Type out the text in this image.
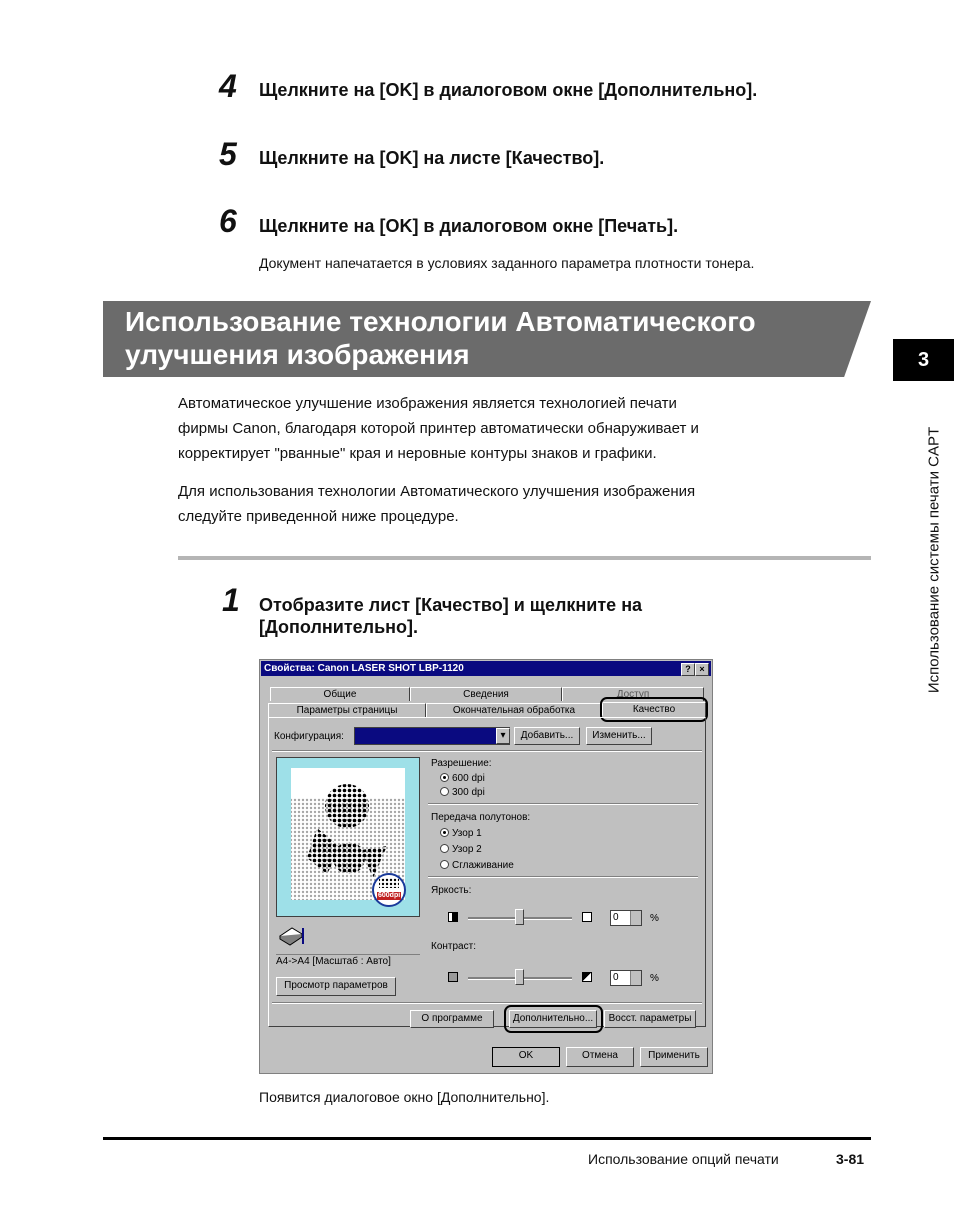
4 Щелкните на [OK] в диалоговом окне [Дополнительно].
5 Щелкните на [OK] на листе [Качество].
6 Щелкните на [OK] в диалоговом окне [Печать].
Документ напечатается в условиях заданного параметра плотности тонера.
Использование технологии Автоматического
улучшения изображения	3
Использование системы печати CAPT
Автоматическое улучшение изображения является технологией печати
фирмы Canon, благодаря которой принтер автоматически обнаруживает и
корректирует "рванные" края и неровные контуры знаков и графики.
Для использования технологии Автоматического улучшения изображения
следуйте приведенной ниже процедуре.
1 Отобразите лист [Качество] и щелкните на
[Дополнительно].
Свойства: Canon LASER SHOT LBP-1120	? ×
Общие	Сведения	Доступ
Параметры страницы	Окончательная обработка	Качество
Конфигурация:	▾	Добавить...	Изменить...
600dpi
A4->A4 [Масштаб : Авто]
Просмотр параметров
Разрешение:
600 dpi
300 dpi
Передача полутонов:
Узор 1
Узор 2
Сглаживание
Яркость:
0	%
Контраст:
0	%
О программе	Дополнительно...	Восст. параметры
OK	Отмена	Применить
Появится диалоговое окно [Дополнительно].
Использование опций печати	3-81
